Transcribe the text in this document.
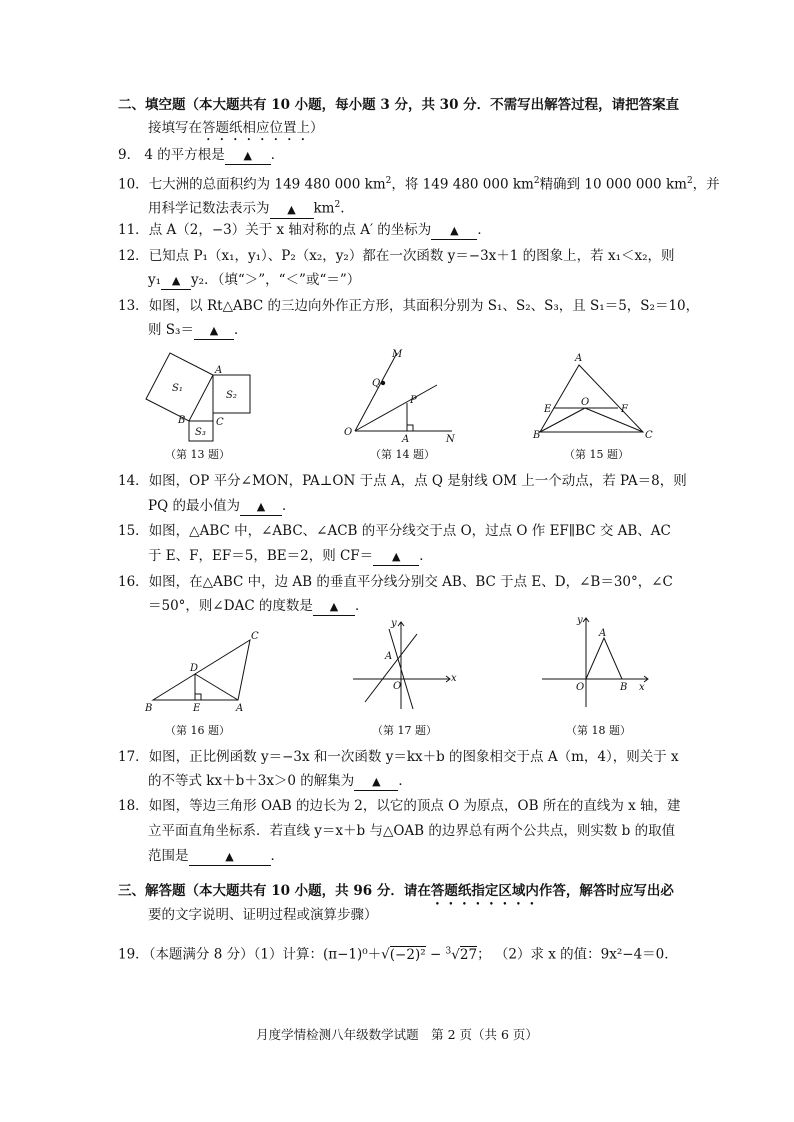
二、填空题（本大题共有 10 小题，每小题 3 分，共 30 分．不需写出解答过程，请把答案直
接填写在答题纸相应位置上）
9． 4 的平方根是 ▲ ．
10．七大洲的总面积约为 149 480 000 $km^2$，将 149 480 000 $km^2$精确到 10 000 000 $km^2$，并
用科学记数法表示为 ▲ $km^2$.
11．点 A（2，−3）关于 x 轴对称的点 A′ 的坐标为 ▲ ．
12．已知点 P₁（x₁，y₁）、P₂（x₂，y₂）都在一次函数 y＝−3x＋1 的图象上，若 x₁＜x₂，则
y₁ ▲ y₂．（填“＞”，“＜”或“＝”）
13．如图，以 Rt△ABC 的三边向外作正方形，其面积分别为 S₁、S₂、S₃，且 S₁＝5，S₂＝10，
则 S₃＝ ▲ ．
S₁
S₂
S₃
A
B	C
（第 13 题）
M
Q
P
O
A	N
（第 14 题）
A
O
E	F
B	C
（第 15 题）
14．如图，OP 平分∠MON，PA⊥ON 于点 A，点 Q 是射线 OM 上一个动点，若 PA＝8，则
PQ 的最小值为 ▲ ．
15．如图，△ABC 中，∠ABC、∠ACB 的平分线交于点 O，过点 O 作 EF∥BC 交 AB、AC
于 E、F，EF＝5，BE＝2，则 CF＝ ▲ ．
16．如图，在△ABC 中，边 AB 的垂直平分线分别交 AB、BC 于点 E、D，∠B＝30°，∠C
＝50°，则∠DAC 的度数是 ▲ ．
C
D
B	E	A
（第 16 题）
y
A
O
x
（第 17 题）
y
A
O	B x
（第 18 题）
17．如图，正比例函数 y＝−3x 和一次函数 y＝kx＋b 的图象相交于点 A（m，4），则关于 x
的不等式 kx＋b＋3x＞0 的解集为 ▲ ．
18．如图，等边三角形 OAB 的边长为 2，以它的顶点 O 为原点，OB 所在的直线为 x 轴，建
立平面直角坐标系．若直线 y＝x＋b 与△OAB 的边界总有两个公共点，则实数 b 的取值
范围是	▲	．
三、解答题（本大题共有 10 小题，共 96 分．请在答题纸指定区域内作答，解答时应写出必
要的文字说明、证明过程或演算步骤）
19．（本题满分 8 分）（1）计算：(π−1)⁰＋√(−2)² − $^3$√27； （2）求 x 的值：9x²−4＝0．
月度学情检测八年级数学试题　第 2 页（共 6 页）
